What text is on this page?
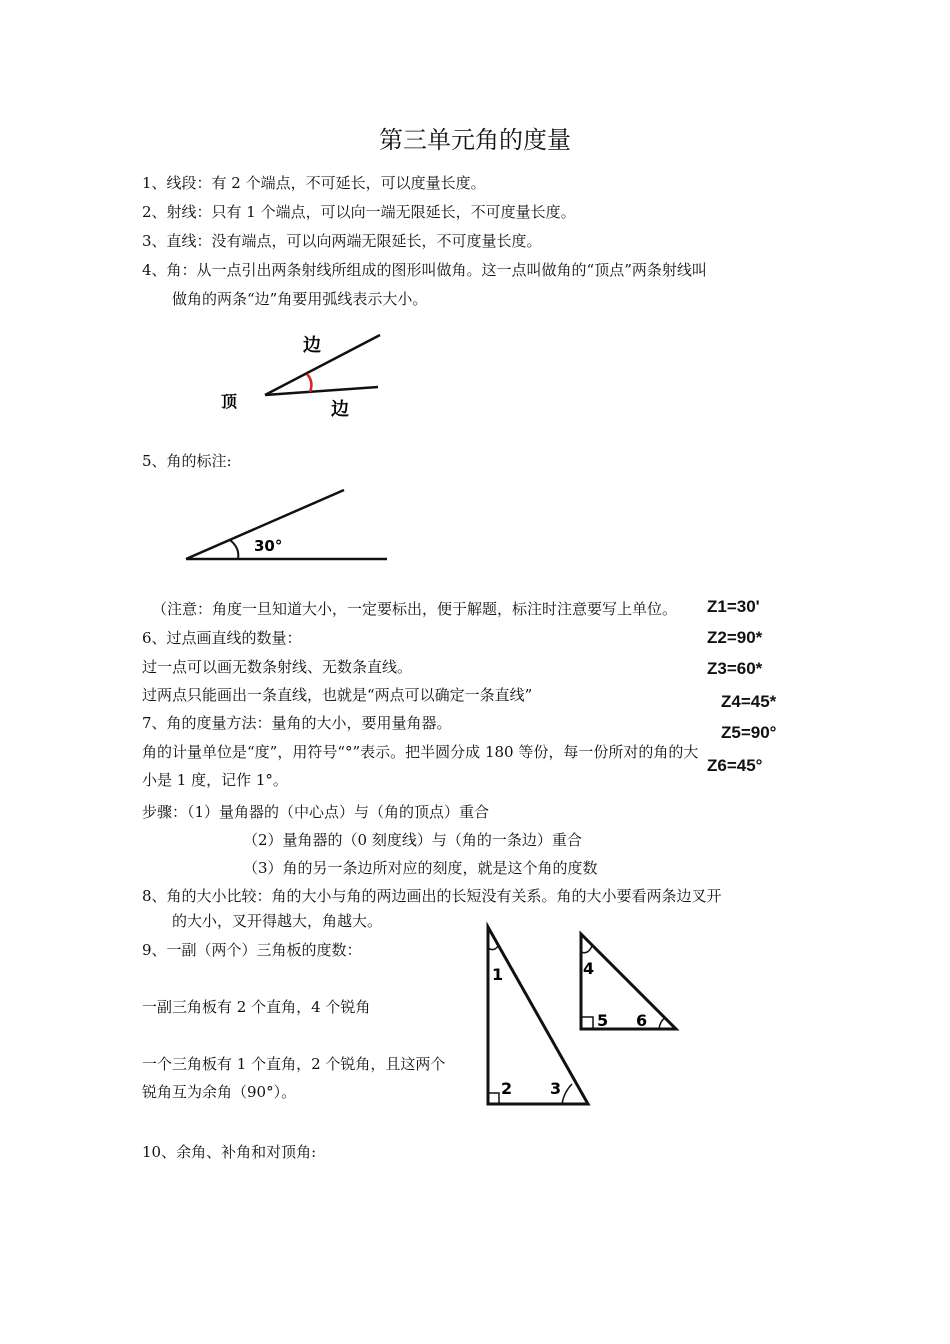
第三单元角的度量
1、线段：有 2 个端点，不可延长，可以度量长度。
2、射线：只有 1 个端点，可以向一端无限延长，不可度量长度。
3、直线：没有端点，可以向两端无限延长，不可度量长度。
4、角：从一点引出两条射线所组成的图形叫做角。这一点叫做角的“顶点”两条射线叫
做角的两条“边”角要用弧线表示大小。
边
边
顶
5、角的标注:
30°
（注意：角度一旦知道大小，一定要标出，便于解题，标注时注意要写上单位。
6、过点画直线的数量：
过一点可以画无数条射线、无数条直线。
过两点只能画出一条直线，也就是“两点可以确定一条直线”
7、角的度量方法：量角的大小，要用量角器。
角的计量单位是“度”，用符号“°”表示。把半圆分成 180 等份，每一份所对的角的大
小是 1 度，记作 1°。
步骤：（1）量角器的（中心点）与（角的顶点）重合
（2）量角器的（0 刻度线）与（角的一条边）重合
（3）角的另一条边所对应的刻度，就是这个角的度数
8、角的大小比较：角的大小与角的两边画出的长短没有关系。角的大小要看两条边叉开
的大小，叉开得越大，角越大。
9、一副（两个）三角板的度数：
一副三角板有 2 个直角，4 个锐角
一个三角板有 1 个直角，2 个锐角，且这两个
锐角互为余角（90°）。
10、余角、补角和对顶角:
Z1=30'
Z2=90*
Z3=60*
Z4=45*
Z5=90°
Z6=45°
1
2 3
4
5 6
